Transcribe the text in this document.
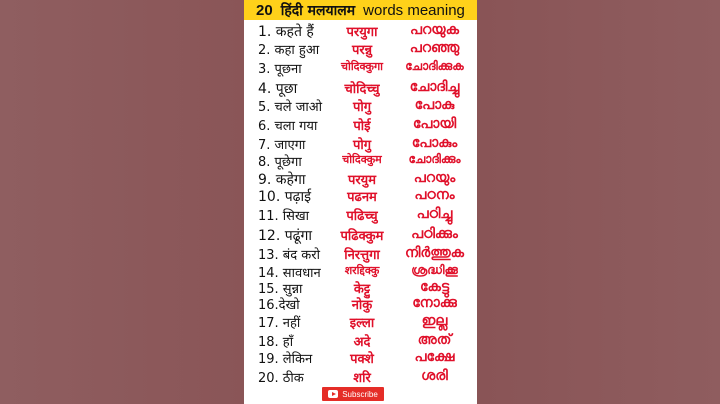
20 हिंदी मलयालम words meaning
1. कहते हैं	परयुगा	പറയുക
2. कहा हुआ	परन्नु	പറഞ്ഞു
3. पूछना	चोदिक्कुगा	ചോദിക്കുക
4. पूछा	चोदिच्चु	ചോദിച്ചു
5. चले जाओ	पोगु	പോകു
6. चला गया	पोई	പോയി
7. जाएगा	पोगु	പോകും
8. पूछेगा	चोदिक्कुम	ചോദിക്കും
9. कहेगा	परयुम	പറയും
10. पढ़ाई	पढनम	പഠനം
11. सिखा	पढिच्चु	പഠിച്ചു
12. पढूंगा	पढिक्कुम	പഠിക്കും
13. बंद करो	निरत्तुगा	നിർത്തുക
14. सावधान	शरद्दिक्कु	ശ്രദ്ധിക്കൂ
15. सुन्ना	केट्टु	കേട്ടു
16.देखो	नोकु	നോക്കു
17. नहीं	इल्ला	ഇല്ല
18. हाँ	अदे	അത്
19. लेकिन	पक्शे	പക്ഷേ
20. ठीक	शरि	ശരി
Subscribe
